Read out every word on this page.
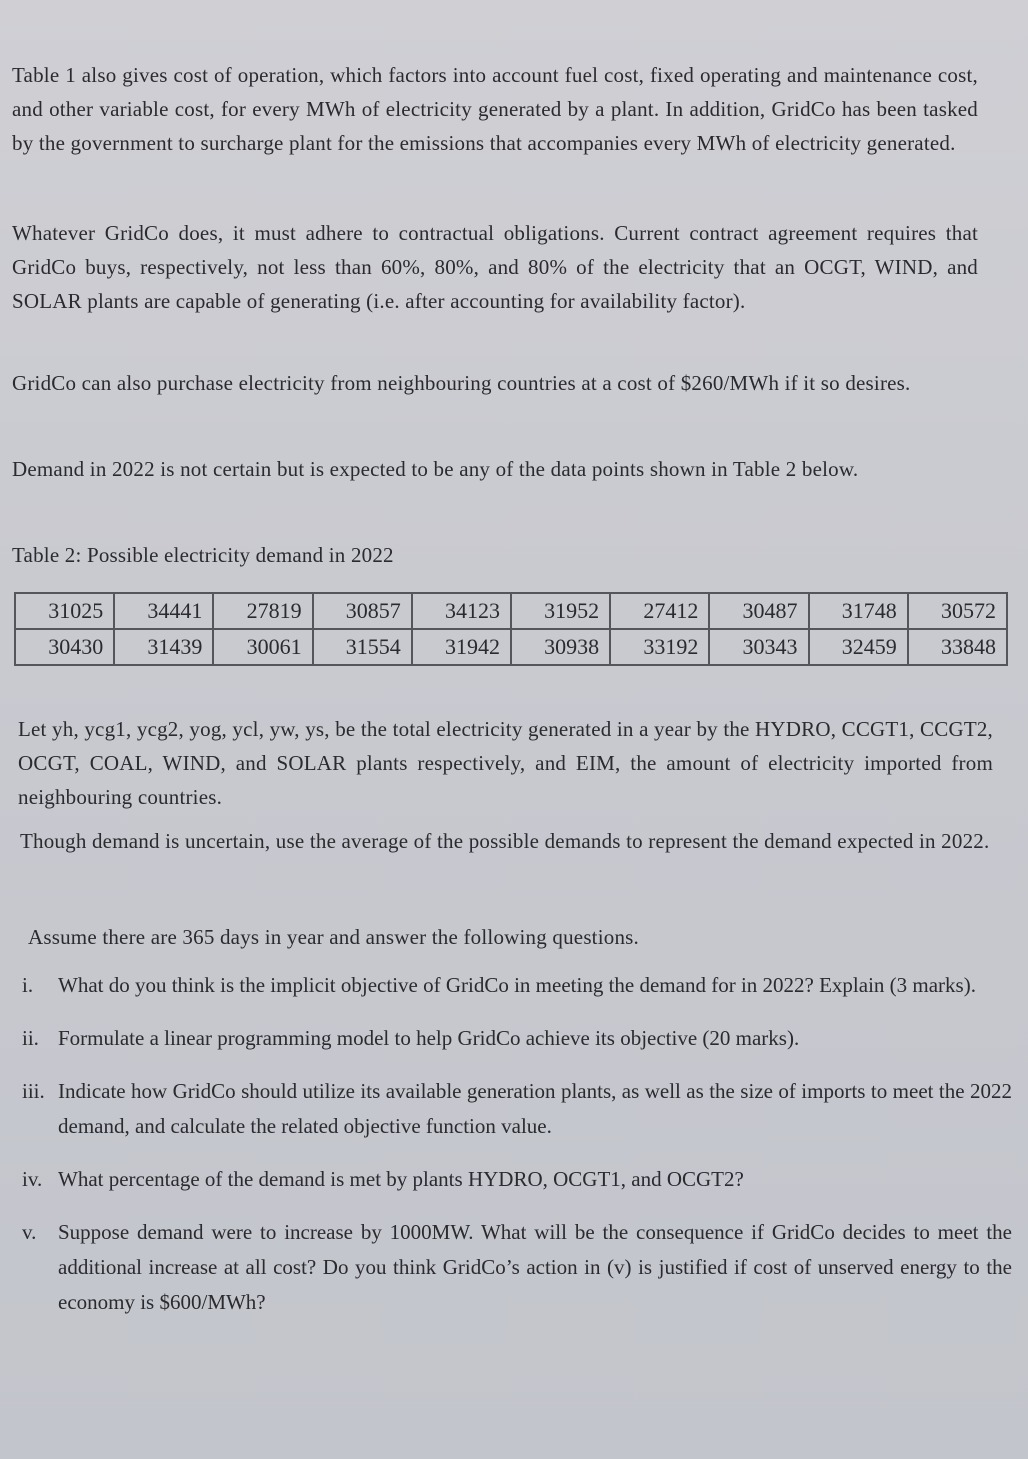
Table 1 also gives cost of operation, which factors into account fuel cost, fixed operating and maintenance cost, and other variable cost, for every MWh of electricity generated by a plant. In addition, GridCo has been tasked by the government to surcharge plant for the emissions that accompanies every MWh of electricity generated.

Whatever GridCo does, it must adhere to contractual obligations. Current contract agreement requires that GridCo buys, respectively, not less than 60%, 80%, and 80% of the electricity that an OCGT, WIND, and SOLAR plants are capable of generating (i.e. after accounting for availability factor).

GridCo can also purchase electricity from neighbouring countries at a cost of $260/MWh if it so desires.

Demand in 2022 is not certain but is expected to be any of the data points shown in Table 2 below.

Table 2: Possible electricity demand in 2022

31025	34441	27819	30857	34123	31952	27412	30487	31748	30572
30430	31439	30061	31554	31942	30938	33192	30343	32459	33848

Let yh, ycg1, ycg2, yog, ycl, yw, ys, be the total electricity generated in a year by the HYDRO, CCGT1, CCGT2, OCGT, COAL, WIND, and SOLAR plants respectively, and EIM, the amount of electricity imported from neighbouring countries.

Though demand is uncertain, use the average of the possible demands to represent the demand expected in 2022.

Assume there are 365 days in year and answer the following questions.

i. What do you think is the implicit objective of GridCo in meeting the demand for in 2022? Explain (3 marks).
ii. Formulate a linear programming model to help GridCo achieve its objective (20 marks).
iii. Indicate how GridCo should utilize its available generation plants, as well as the size of imports to meet the 2022 demand, and calculate the related objective function value.
iv. What percentage of the demand is met by plants HYDRO, OCGT1, and OCGT2?
v. Suppose demand were to increase by 1000MW. What will be the consequence if GridCo decides to meet the additional increase at all cost? Do you think GridCo’s action in (v) is justified if cost of unserved energy to the economy is $600/MWh?
